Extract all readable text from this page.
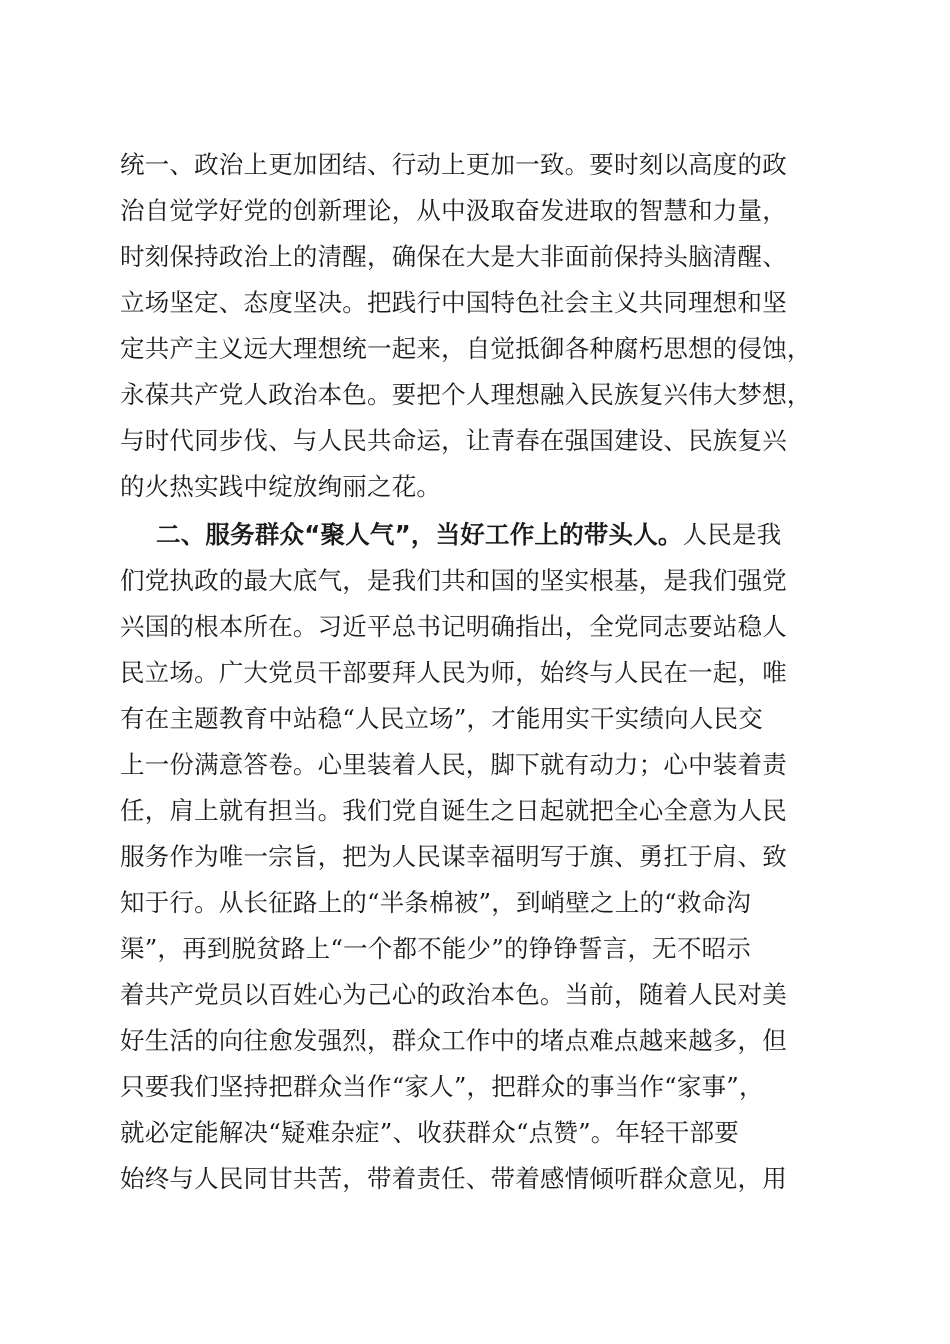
统一、政治上更加团结、行动上更加一致。要时刻以高度的政
治自觉学好党的创新理论，从中汲取奋发进取的智慧和力量，
时刻保持政治上的清醒，确保在大是大非面前保持头脑清醒、
立场坚定、态度坚决。把践行中国特色社会主义共同理想和坚
定共产主义远大理想统一起来，自觉抵御各种腐朽思想的侵蚀，
永葆共产党人政治本色。要把个人理想融入民族复兴伟大梦想，
与时代同步伐、与人民共命运，让青春在强国建设、民族复兴
的火热实践中绽放绚丽之花。
二、服务群众“聚人气”，当好工作上的带头人。人民是我
们党执政的最大底气，是我们共和国的坚实根基，是我们强党
兴国的根本所在。习近平总书记明确指出，全党同志要站稳人
民立场。广大党员干部要拜人民为师，始终与人民在一起，唯
有在主题教育中站稳“人民立场”，才能用实干实绩向人民交
上一份满意答卷。心里装着人民，脚下就有动力；心中装着责
任，肩上就有担当。我们党自诞生之日起就把全心全意为人民
服务作为唯一宗旨，把为人民谋幸福明写于旗、勇扛于肩、致
知于行。从长征路上的“半条棉被”，到峭壁之上的“救命沟
渠”，再到脱贫路上“一个都不能少”的铮铮誓言，无不昭示
着共产党员以百姓心为己心的政治本色。当前，随着人民对美
好生活的向往愈发强烈，群众工作中的堵点难点越来越多，但
只要我们坚持把群众当作“家人”，把群众的事当作“家事”，
就必定能解决“疑难杂症”、收获群众“点赞”。年轻干部要
始终与人民同甘共苦，带着责任、带着感情倾听群众意见，用
